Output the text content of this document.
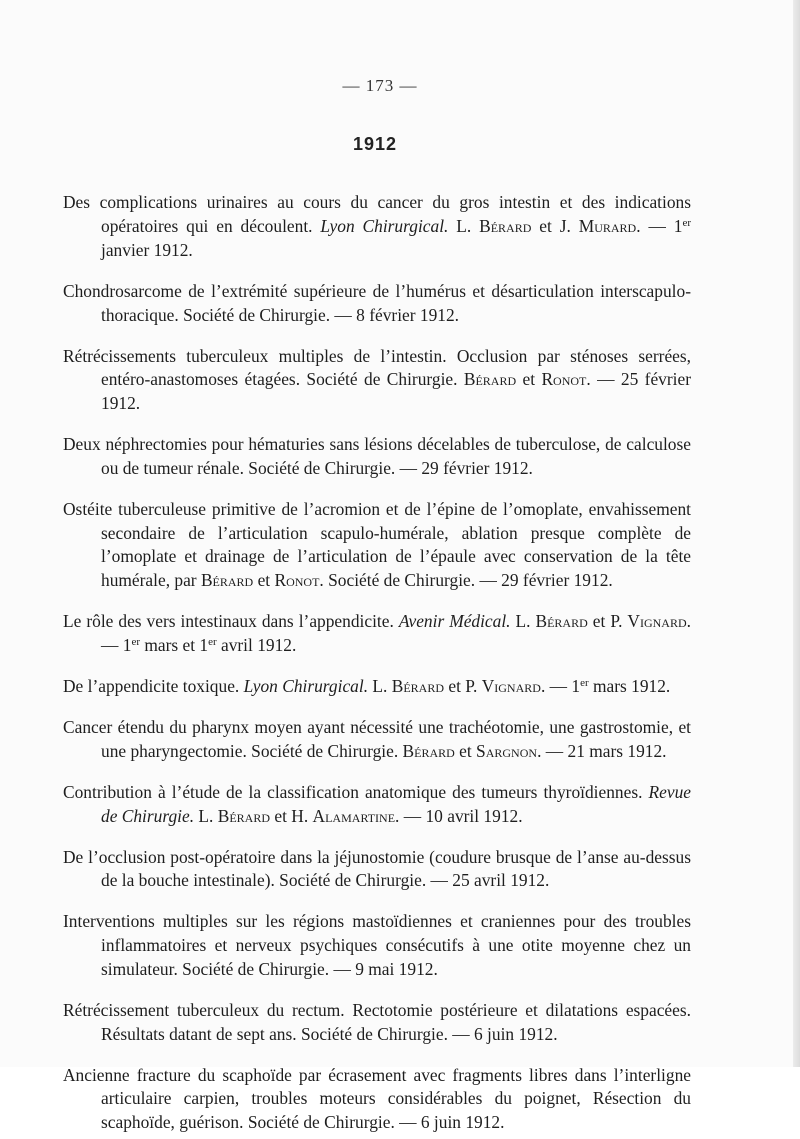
— 173 —
1912

Des complications urinaires au cours du cancer du gros intestin et des indications opératoires qui en découlent. Lyon Chirurgical. L. Bérard et J. Murard. — 1er janvier 1912.

Chondrosarcome de l’extrémité supérieure de l’humérus et désarticulation interscapulo-thoracique. Société de Chirurgie. — 8 février 1912.

Rétrécissements tuberculeux multiples de l’intestin. Occlusion par sténoses serrées, entéro-anastomoses étagées. Société de Chirurgie. Bérard et Ronot. — 25 février 1912.

Deux néphrectomies pour hématuries sans lésions décelables de tuberculose, de calculose ou de tumeur rénale. Société de Chirurgie. — 29 février 1912.

Ostéite tuberculeuse primitive de l’acromion et de l’épine de l’omoplate, envahissement secondaire de l’articulation scapulo-humérale, ablation presque complète de l’omoplate et drainage de l’articulation de l’épaule avec conservation de la tête humérale, par Bérard et Ronot. Société de Chirurgie. — 29 février 1912.

Le rôle des vers intestinaux dans l’appendicite. Avenir Médical. L. Bérard et P. Vignard. — 1er mars et 1er avril 1912.

De l’appendicite toxique. Lyon Chirurgical. L. Bérard et P. Vignard. — 1er mars 1912.

Cancer étendu du pharynx moyen ayant nécessité une trachéotomie, une gastrostomie, et une pharyngectomie. Société de Chirurgie. Bérard et Sargnon. — 21 mars 1912.

Contribution à l’étude de la classification anatomique des tumeurs thyroïdiennes. Revue de Chirurgie. L. Bérard et H. Alamartine. — 10 avril 1912.

De l’occlusion post-opératoire dans la jéjunostomie (coudure brusque de l’anse au-dessus de la bouche intestinale). Société de Chirurgie. — 25 avril 1912.

Interventions multiples sur les régions mastoïdiennes et craniennes pour des troubles inflammatoires et nerveux psychiques consécutifs à une otite moyenne chez un simulateur. Société de Chirurgie. — 9 mai 1912.

Rétrécissement tuberculeux du rectum. Rectotomie postérieure et dilatations espacées. Résultats datant de sept ans. Société de Chirurgie. — 6 juin 1912.

Ancienne fracture du scaphoïde par écrasement avec fragments libres dans l’interligne articulaire carpien, troubles moteurs considérables du poignet, Résection du scaphoïde, guérison. Société de Chirurgie. — 6 juin 1912.
